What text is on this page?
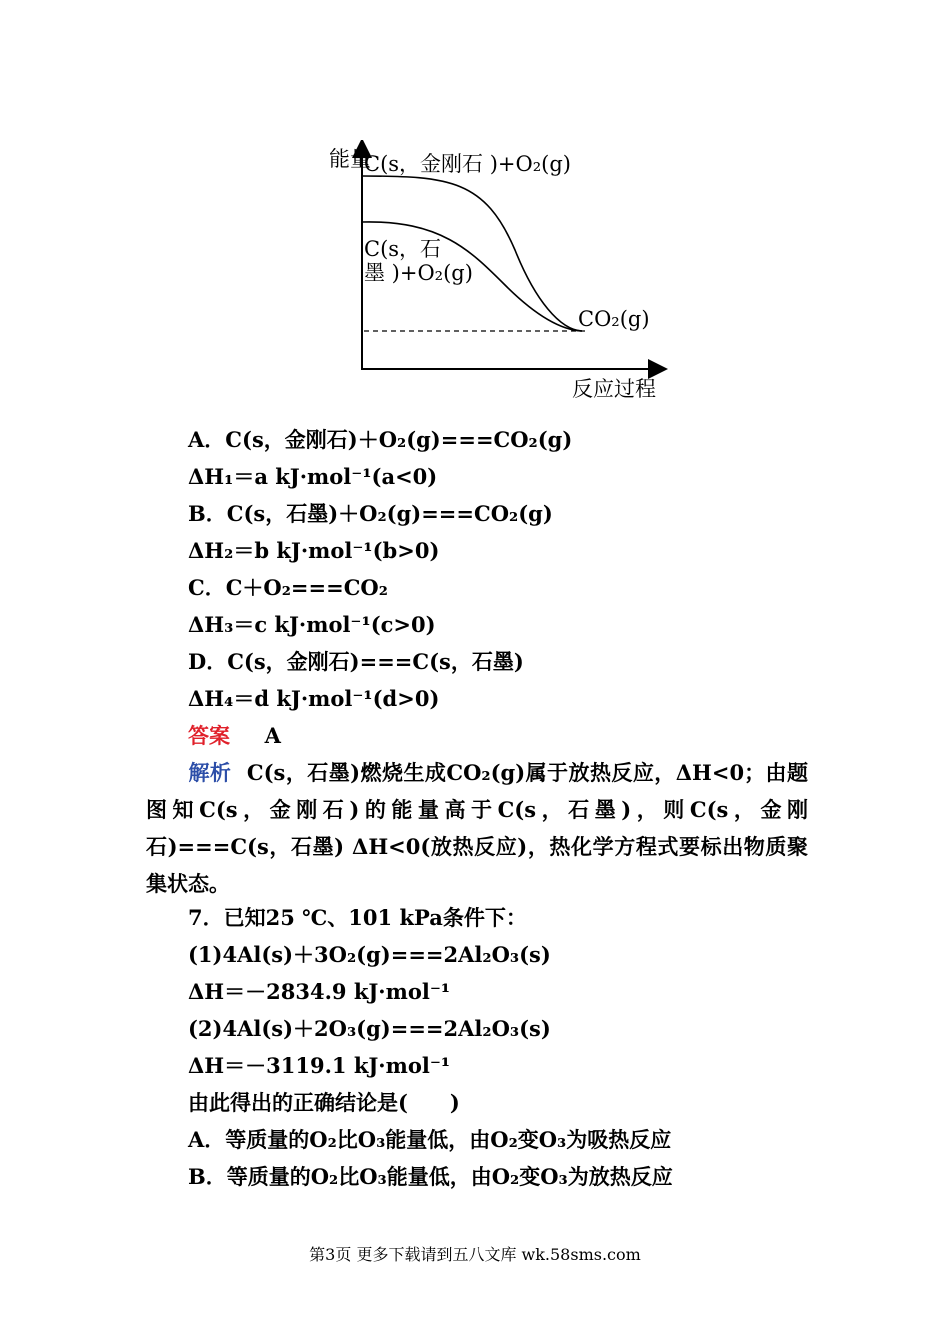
能量
C(s，金刚石 )+O₂(g)
C(s，石
墨 )+O₂(g)
CO₂(g)
反应过程
A．C(s，金刚石)＋O₂(g)===CO₂(g)
ΔH₁＝a kJ·mol⁻¹(a<0)
B．C(s，石墨)＋O₂(g)===CO₂(g)
ΔH₂＝b kJ·mol⁻¹(b>0)
C．C＋O₂===CO₂
ΔH₃＝c kJ·mol⁻¹(c>0)
D．C(s，金刚石)===C(s，石墨)
ΔH₄＝d kJ·mol⁻¹(d>0)
答案 A
解析 C(s，石墨)燃烧生成CO₂(g)属于放热反应，ΔH<0；由题图知C(s，金刚石)的能量高于C(s，石墨)，则C(s，金刚石)===C(s，石墨) ΔH<0(放热反应)，热化学方程式要标出物质聚集状态。
7．已知25 ℃、101 kPa条件下：
(1)4Al(s)＋3O₂(g)===2Al₂O₃(s)
ΔH＝－2834.9 kJ·mol⁻¹
(2)4Al(s)＋2O₃(g)===2Al₂O₃(s)
ΔH＝－3119.1 kJ·mol⁻¹
由此得出的正确结论是(　　)
A．等质量的O₂比O₃能量低，由O₂变O₃为吸热反应
B．等质量的O₂比O₃能量低，由O₂变O₃为放热反应
第3页 更多下载请到五八文库 wk.58sms.com
